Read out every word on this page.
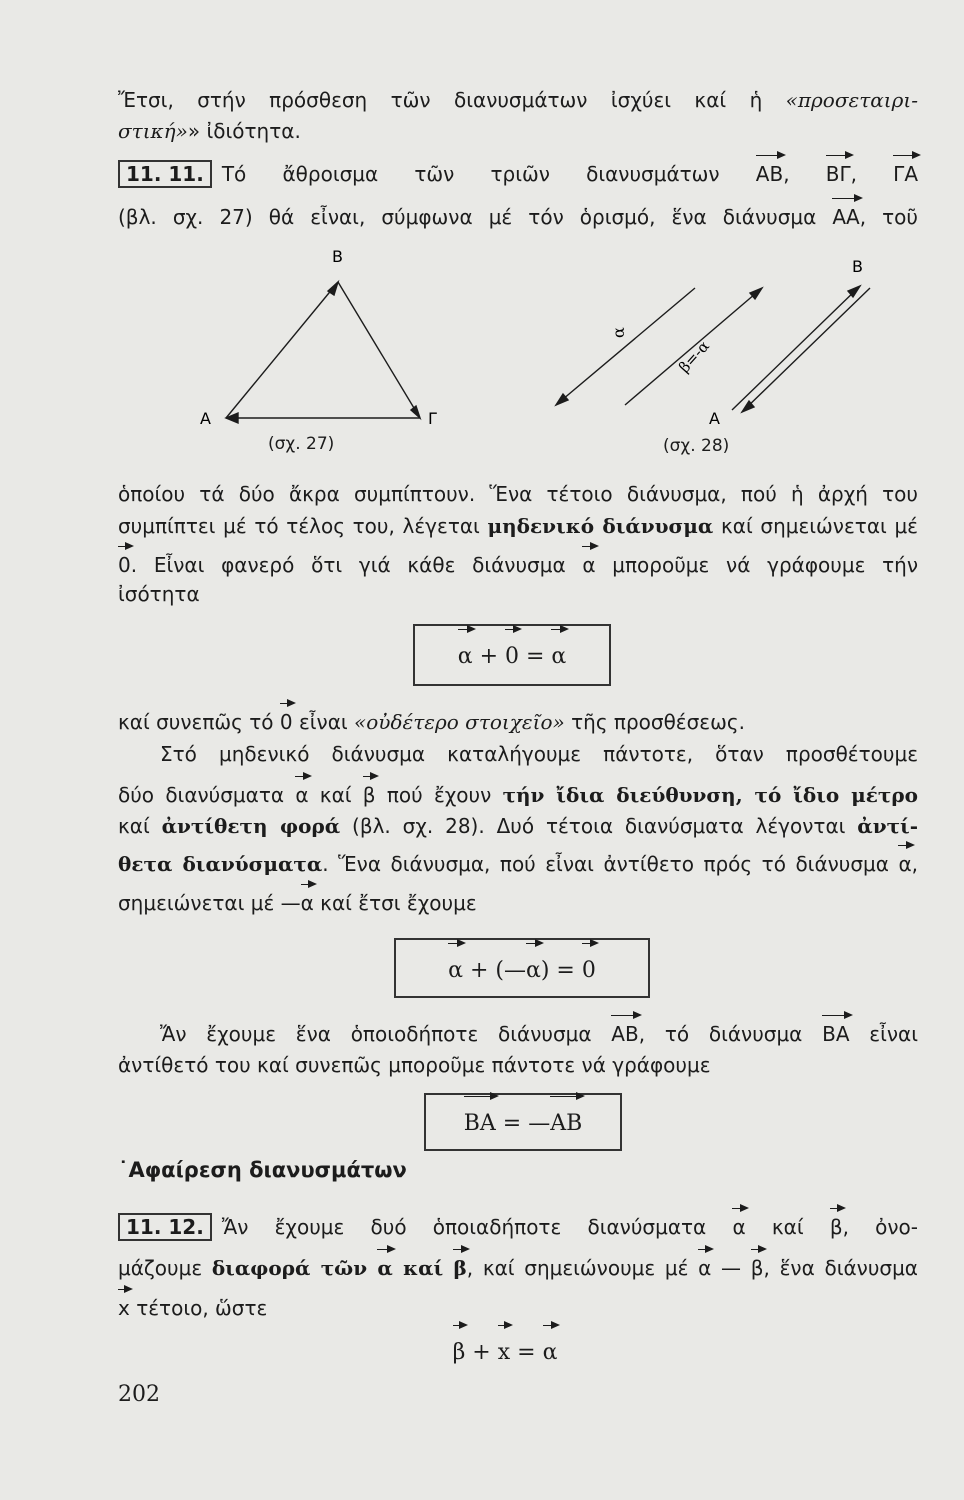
Ἔτσι, στήν πρόσθεση τῶν διανυσμάτων ἰσχύει καί ἡ «προσεταιρι-
στική»» ἰδιότητα.
11. 11. Τό ἄθροισμα τῶν τριῶν διανυσμάτων ΑΒ, ΒΓ, ΓΑ
(βλ. σχ. 27) θά εἶναι, σύμφωνα μέ τόν ὁρισμό, ἕνα διάνυσμα ΑΑ, τοῦ
Β
Α	Γ
α
β=-α
Β
Α
(σχ. 27)	(σχ. 28)
ὁποίου τά δύο ἄκρα συμπίπτουν. Ἕνα τέτοιο διάνυσμα, πού ἡ ἀρχή του
συμπίπτει μέ τό τέλος του, λέγεται μηδενικό διάνυσμα καί σημειώνεται μέ
0. Εἶναι φανερό ὅτι γιά κάθε διάνυσμα α μποροῦμε νά γράφουμε τήν
ἰσότητα
α + 0 = α
καί συνεπῶς τό 0 εἶναι «οὐδέτερο στοιχεῖο» τῆς προσθέσεως.
Στό μηδενικό διάνυσμα καταλήγουμε πάντοτε, ὅταν προσθέτουμε
δύο διανύσματα α καί β πού ἔχουν τήν ἴδια διεύθυνση, τό ἴδιο μέτρο
καί ἀντίθετη φορά (βλ. σχ. 28). Δυό τέτοια διανύσματα λέγονται ἀντί-
θετα διανύσματα. Ἕνα διάνυσμα, πού εἶναι ἀντίθετο πρός τό διάνυσμα α,
σημειώνεται μέ —α καί ἔτσι ἔχουμε
α + (—α) = 0
Ἄν ἔχουμε ἕνα ὁποιοδήποτε διάνυσμα ΑΒ, τό διάνυσμα ΒΑ εἶναι
ἀντίθετό του καί συνεπῶς μποροῦμε πάντοτε νά γράφουμε
ΒΑ = —ΑΒ
˙Αφαίρεση διανυσμάτων
11. 12. Ἄν ἔχουμε δυό ὁποιαδήποτε διανύσματα α καί β, ὀνο-
μάζουμε διαφορά τῶν α καί β, καί σημειώνουμε μέ α — β, ἕνα διάνυσμα
x τέτοιο, ὥστε
β + x = α
202
